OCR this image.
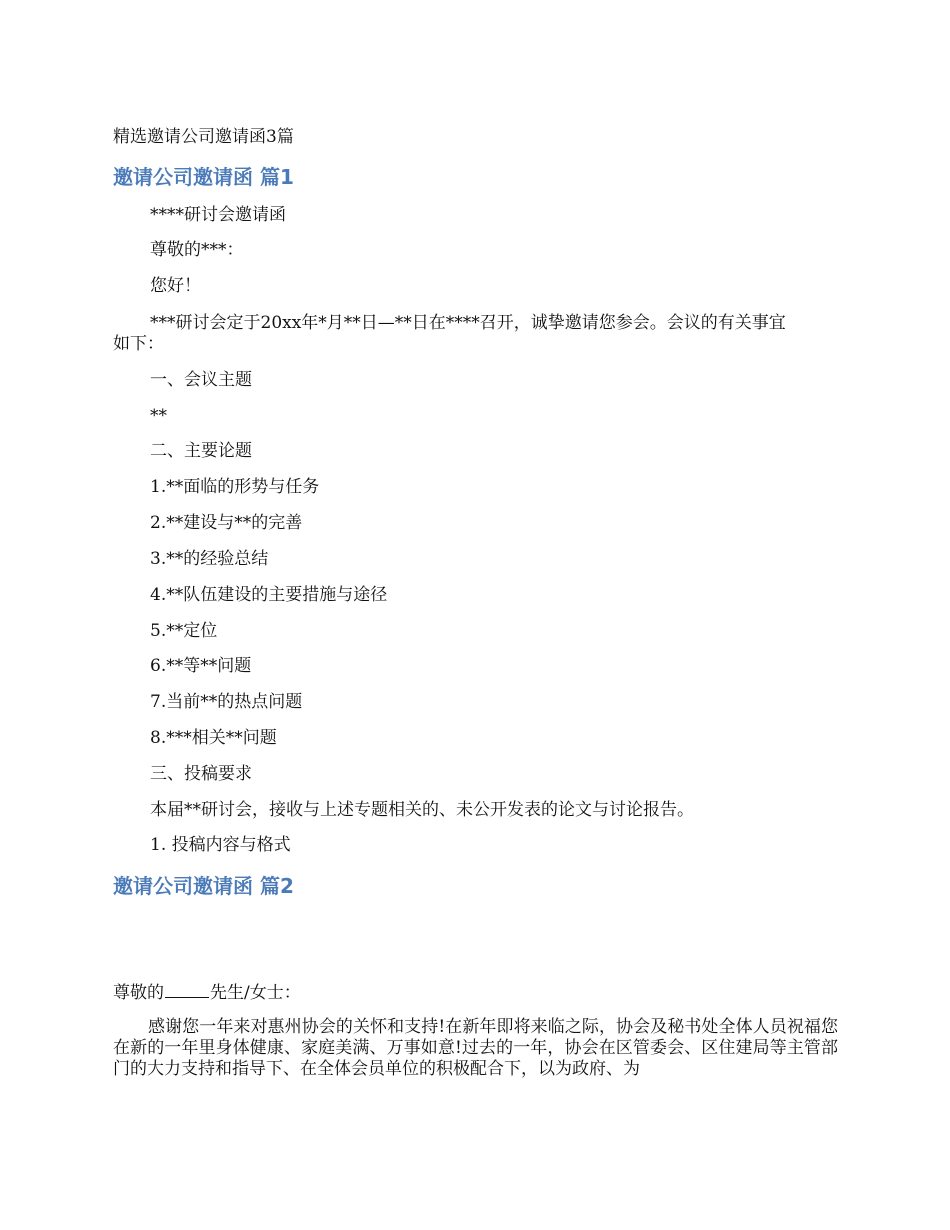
精选邀请公司邀请函3篇
邀请公司邀请函 篇1
****研讨会邀请函
尊敬的***：
您好！
***研讨会定于20xx年*月**日—**日在****召开，诚挚邀请您参会。会议的有关事宜
如下：
一、会议主题
**
二、主要论题
1.**面临的形势与任务
2.**建设与**的完善
3.**的经验总结
4.**队伍建设的主要措施与途径
5.**定位
6.**等**问题
7.当前**的热点问题
8.***相关**问题
三、投稿要求
本届**研讨会，接收与上述专题相关的、未公开发表的论文与讨论报告。
1. 投稿内容与格式
邀请公司邀请函 篇2
尊敬的	先生/女士：
感谢您一年来对惠州协会的关怀和支持!在新年即将来临之际，协会及秘书处全体人员祝福您在新的一年里身体健康、家庭美满、万事如意!过去的一年，协会在区管委会、区住建局等主管部门的大力支持和指导下、在全体会员单位的积极配合下，以为政府、为
